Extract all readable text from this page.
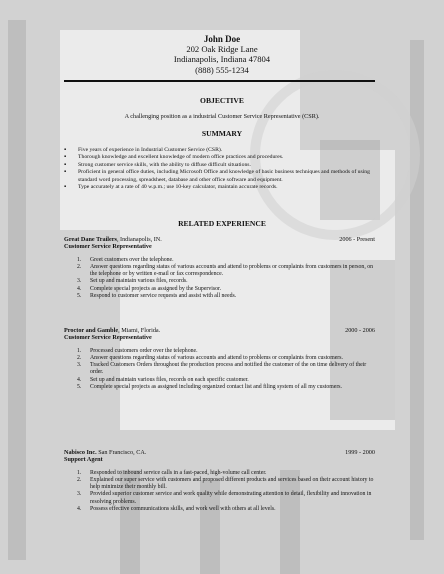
John Doe
202 Oak Ridge Lane
Indianapolis, Indiana 47804
(888) 555-1234
OBJECTIVE
A challenging position as a industrial Customer Service Representative (CSR).
SUMMARY
▪ Five years of experience in Industrial Customer Service (CSR).
▪ Thorough knowledge and excellent knowledge of modern office practices and procedures.
▪ Strong customer service skills, with the ability to diffuse difficult situations.
▪ Proficient in general office duties, including Microsoft Office and knowledge of basic business techniques and methods of using standard word processing, spreadsheet, database and other office software and equipment.
▪ Type accurately at a rate of 40 w.p.m.; use 10-key calculator, maintain accurate records.
RELATED EXPERIENCE
Great Dane Trailers, Indianapolis, IN.	2006 - Present
Customer Service Representative
1. Greet customers over the telephone.
2. Answer questions regarding status of various accounts and attend to problems or complaints from customers in person, on the telephone or by written e-mail or fax correspondence.
3. Set up and maintain various files, records.
4. Complete special projects as assigned by the Supervisor.
5. Respond to customer service requests and assist with all needs.
Proctor and Gamble, Miami, Florida.	2000 - 2006
Customer Service Representative
1. Processed customers order over the telephone.
2. Answer questions regarding status of various accounts and attend to problems or complaints from customers.
3. Tracked Customers Orders throughout the production process and notified the customer of the on time delivery of their order.
4. Set up and maintain various files, records on each specific customer.
5. Complete special projects as assigned including organized contact list and filing system of all my customers.
Nabisco Inc. San Francisco, CA.	1999 - 2000
Support Agent
1. Responded to inbound service calls in a fast-paced, high-volume call center.
2. Explained our super service with customers and proposed different products and services based on their account history to help minimize their monthly bill.
3. Provided superior customer service and work quality while demonstrating attention to detail, flexibility and innovation in resolving problems.
4. Possess effective communications skills, and work well with others at all levels.
